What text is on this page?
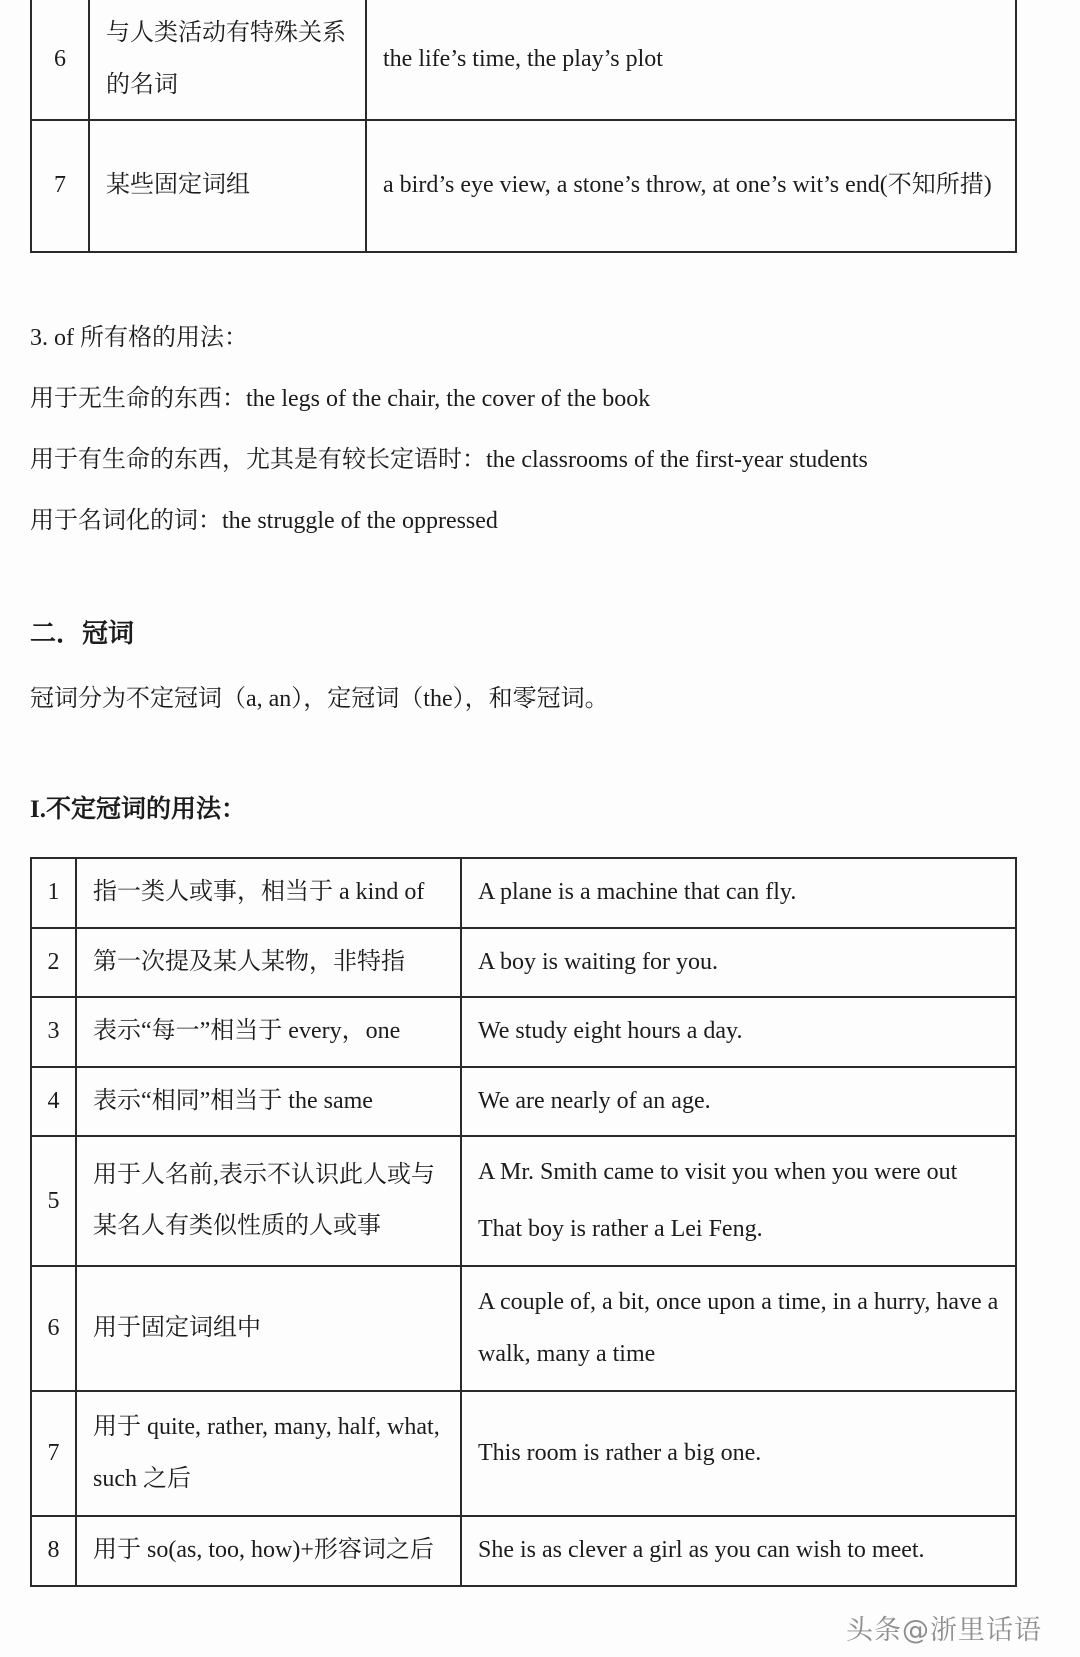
6	与人类活动有特殊关系 的名词	the life’s time, the play’s plot

7	某些固定词组	a bird’s eye view, a stone’s throw, at one’s wit’s end(不知所措)

3. of 所有格的用法：

用于无生命的东西：the legs of the chair, the cover of the book

用于有生命的东西，尤其是有较长定语时：the classrooms of the first-year students

用于名词化的词：the struggle of the oppressed

二．冠词

冠词分为不定冠词（a, an），定冠词（the），和零冠词。

I.不定冠词的用法：

1	指一类人或事，相当于 a kind of	A plane is a machine that can fly.

2	第一次提及某人某物，非特指	A boy is waiting for you.

3	表示“每一”相当于 every，one	We study eight hours a day.

4	表示“相同”相当于 the same	We are nearly of an age.

5	用于人名前,表示不认识此人或与某名人有类似性质的人或事	A Mr. Smith came to visit you when you were out
That boy is rather a Lei Feng.

6	用于固定词组中	A couple of, a bit, once upon a time, in a hurry, have a walk, many a time

7	用于 quite, rather, many, half, what, such 之后	This room is rather a big one.

8	用于 so(as, too, how)+形容词之后	She is as clever a girl as you can wish to meet.
头条@浙里话语
